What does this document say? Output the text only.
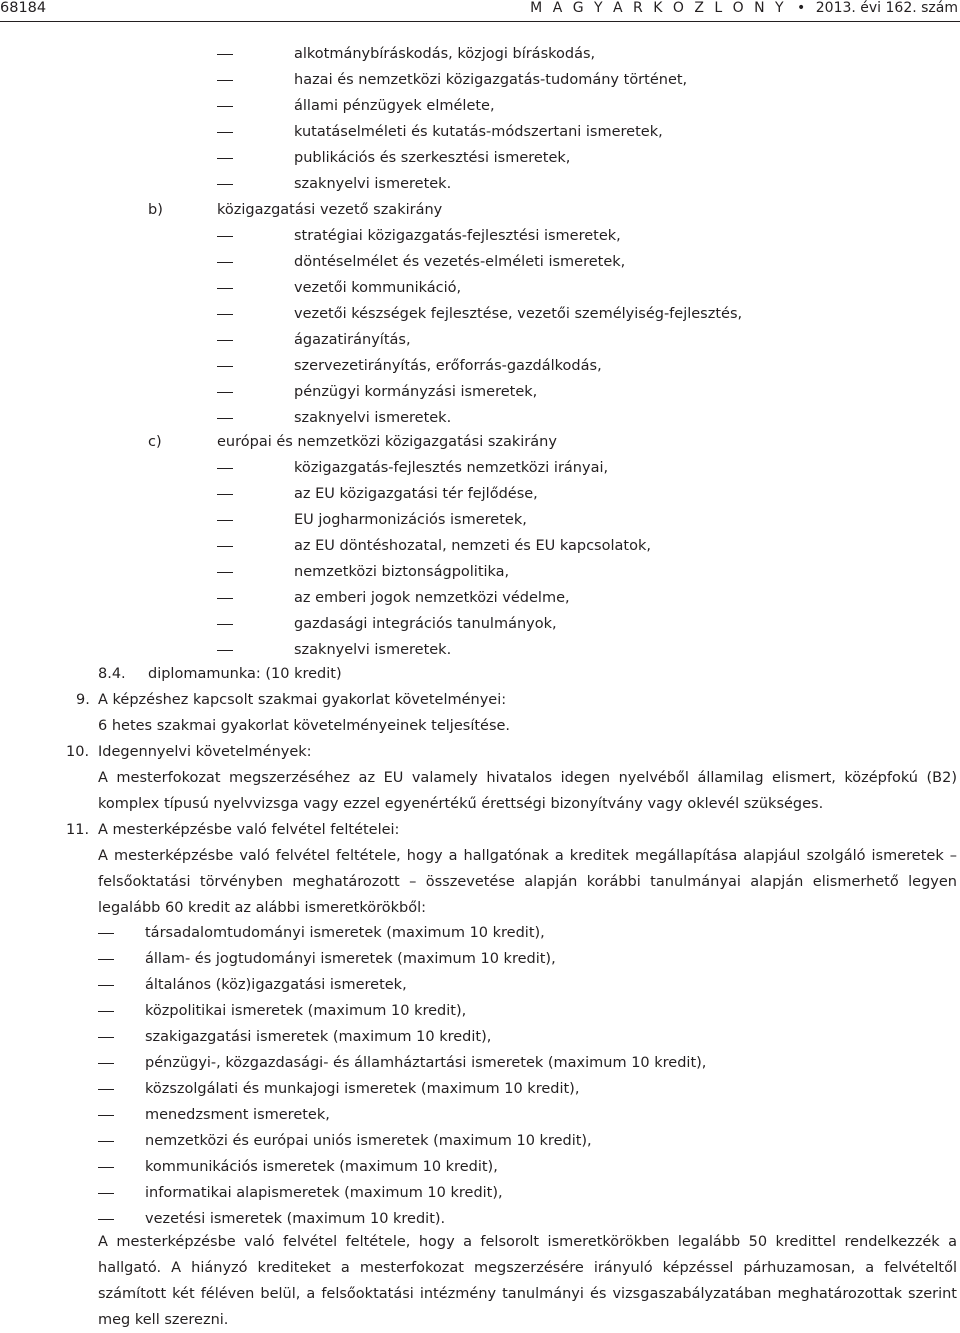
68184	M A G Y A R K Ö Z L Ö N Y • 2013. évi 162. szám
alkotmánybíráskodás, közjogi bíráskodás,
hazai és nemzetközi közigazgatás-tudomány történet,
állami pénzügyek elmélete,
kutatáselméleti és kutatás-módszertani ismeretek,
publikációs és szerkesztési ismeretek,
szaknyelvi ismeretek.
b)	közigazgatási vezető szakirány
stratégiai közigazgatás-fejlesztési ismeretek,
döntéselmélet és vezetés-elméleti ismeretek,
vezetői kommunikáció,
vezetői készségek fejlesztése, vezetői személyiség-fejlesztés,
ágazatirányítás,
szervezetirányítás, erőforrás-gazdálkodás,
pénzügyi kormányzási ismeretek,
szaknyelvi ismeretek.
c)	európai és nemzetközi közigazgatási szakirány
közigazgatás-fejlesztés nemzetközi irányai,
az EU közigazgatási tér fejlődése,
EU jogharmonizációs ismeretek,
az EU döntéshozatal, nemzeti és EU kapcsolatok,
nemzetközi biztonságpolitika,
az emberi jogok nemzetközi védelme,
gazdasági integrációs tanulmányok,
szaknyelvi ismeretek.
8.4. diplomamunka: (10 kredit)
9. A képzéshez kapcsolt szakmai gyakorlat követelményei:
6 hetes szakmai gyakorlat követelményeinek teljesítése.
10. Idegennyelvi követelmények:
A mesterfokozat megszerzéséhez az EU valamely hivatalos idegen nyelvéből államilag elismert, középfokú (B2) komplex típusú nyelvvizsga vagy ezzel egyenértékű érettségi bizonyítvány vagy oklevél szükséges.
11. A mesterképzésbe való felvétel feltételei:
A mesterképzésbe való felvétel feltétele, hogy a hallgatónak a kreditek megállapítása alapjául szolgáló ismeretek – felsőoktatási törvényben meghatározott – összevetése alapján korábbi tanulmányai alapján elismerhető legyen legalább 60 kredit az alábbi ismeretkörökből:
társadalomtudományi ismeretek (maximum 10 kredit),
állam- és jogtudományi ismeretek (maximum 10 kredit),
általános (köz)igazgatási ismeretek,
közpolitikai ismeretek (maximum 10 kredit),
szakigazgatási ismeretek (maximum 10 kredit),
pénzügyi-, közgazdasági- és államháztartási ismeretek (maximum 10 kredit),
közszolgálati és munkajogi ismeretek (maximum 10 kredit),
menedzsment ismeretek,
nemzetközi és európai uniós ismeretek (maximum 10 kredit),
kommunikációs ismeretek (maximum 10 kredit),
informatikai alapismeretek (maximum 10 kredit),
vezetési ismeretek (maximum 10 kredit).
A mesterképzésbe való felvétel feltétele, hogy a felsorolt ismeretkörökben legalább 50 kredittel rendelkezzék a hallgató. A hiányzó krediteket a mesterfokozat megszerzésére irányuló képzéssel párhuzamosan, a felvételtől számított két féléven belül, a felsőoktatási intézmény tanulmányi és vizsgaszabályzatában meghatározottak szerint meg kell szerezni.
